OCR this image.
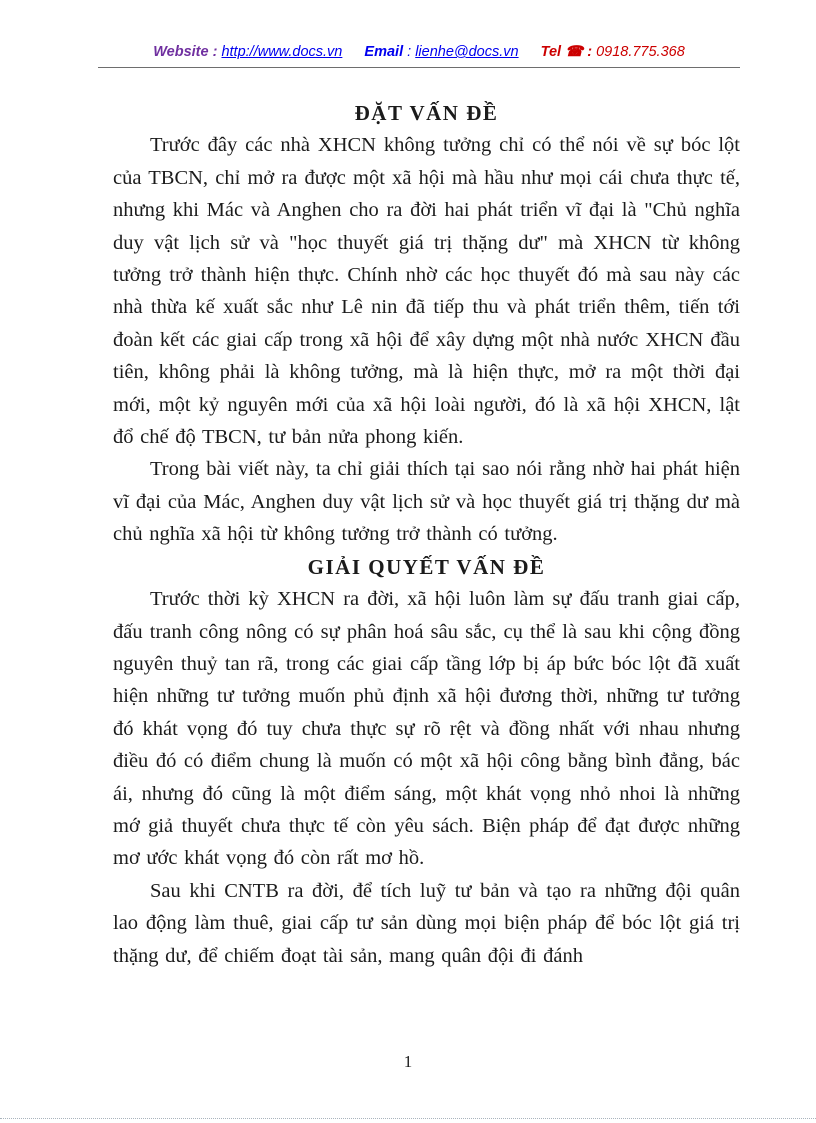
Website : http://www.docs.vn Email : lienhe@docs.vn Tel ☎ : 0918.775.368
ĐẶT VẤN ĐỀ

Trước đây các nhà XHCN không tưởng chỉ có thể nói về sự bóc lột của TBCN, chỉ mở ra được một xã hội mà hầu như mọi cái chưa thực tế, nhưng khi Mác và Anghen cho ra đời hai phát triển vĩ đại là "Chủ nghĩa duy vật lịch sử và "học thuyết giá trị thặng dư" mà XHCN từ không tưởng trở thành hiện thực. Chính nhờ các học thuyết đó mà sau này các nhà thừa kế xuất sắc như Lê nin đã tiếp thu và phát triển thêm, tiến tới đoàn kết các giai cấp trong xã hội để xây dựng một nhà nước XHCN đầu tiên, không phải là không tưởng, mà là hiện thực, mở ra một thời đại mới, một kỷ nguyên mới của xã hội loài người, đó là xã hội XHCN, lật đổ chế độ TBCN, tư bản nửa phong kiến.

Trong bài viết này, ta chỉ giải thích tại sao nói rằng nhờ hai phát hiện vĩ đại của Mác, Anghen duy vật lịch sử và học thuyết giá trị thặng dư mà chủ nghĩa xã hội từ không tưởng trở thành có tưởng.

GIẢI QUYẾT VẤN ĐỀ

Trước thời kỳ XHCN ra đời, xã hội luôn làm sự đấu tranh giai cấp, đấu tranh công nông có sự phân hoá sâu sắc, cụ thể là sau khi cộng đồng nguyên thuỷ tan rã, trong các giai cấp tầng lớp bị áp bức bóc lột đã xuất hiện những tư tưởng muốn phủ định xã hội đương thời, những tư tưởng đó khát vọng đó tuy chưa thực sự rõ rệt và đồng nhất với nhau nhưng điều đó có điểm chung là muốn có một xã hội công bằng bình đẳng, bác ái, nhưng đó cũng là một điểm sáng, một khát vọng nhỏ nhoi là những mớ giả thuyết chưa thực tế còn yêu sách. Biện pháp để đạt được những mơ ước khát vọng đó còn rất mơ hồ.

Sau khi CNTB ra đời, để tích luỹ tư bản và tạo ra những đội quân lao động làm thuê, giai cấp tư sản dùng mọi biện pháp để bóc lột giá trị thặng dư, để chiếm đoạt tài sản, mang quân đội đi đánh

1
